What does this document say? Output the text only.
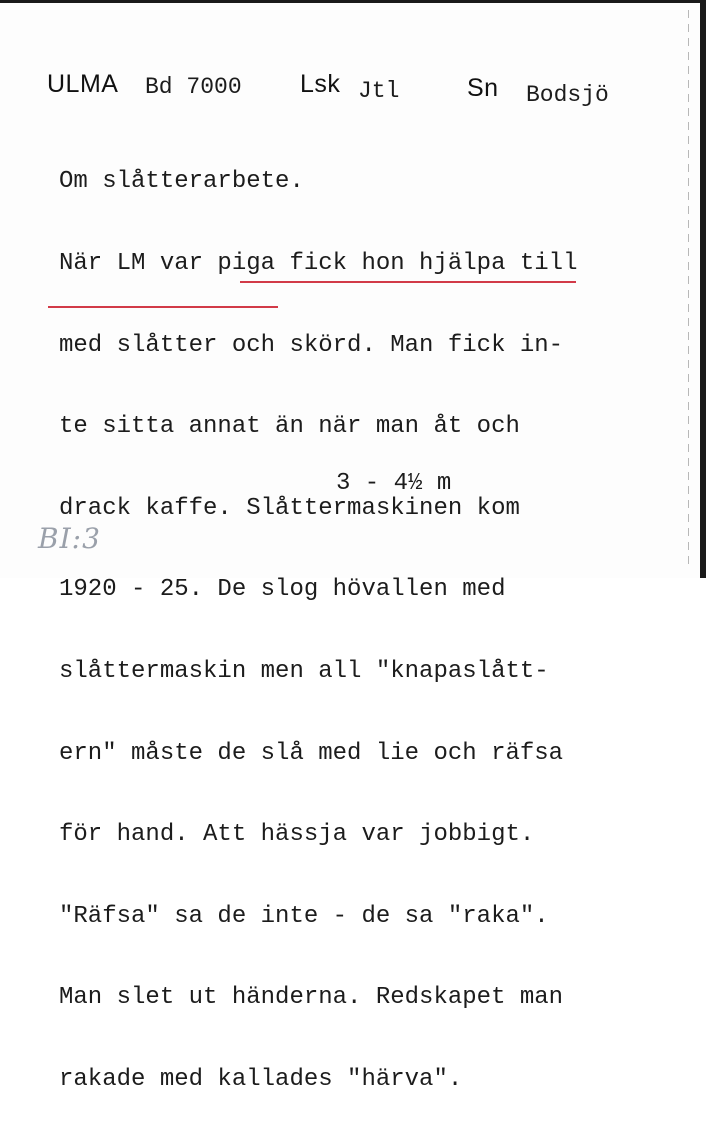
ULMA Bd 7000 Lsk Jtl	Sn Bodsjö

Om slåtterarbete.

När LM var piga fick hon hjälpa till

med slåtter och skörd. Man fick in-

te sitta annat än när man åt och

drack kaffe. Slåttermaskinen kom

1920 - 25. De slog hövallen med

slåttermaskin men all "knapaslått-

ern" måste de slå med lie och räfsa

för hand. Att hässja var jobbigt.

"Räfsa" sa de inte - de sa "raka".

Man slet ut händerna. Redskapet man

rakade med kallades "härva".

3 - 4½ m
BI:3
